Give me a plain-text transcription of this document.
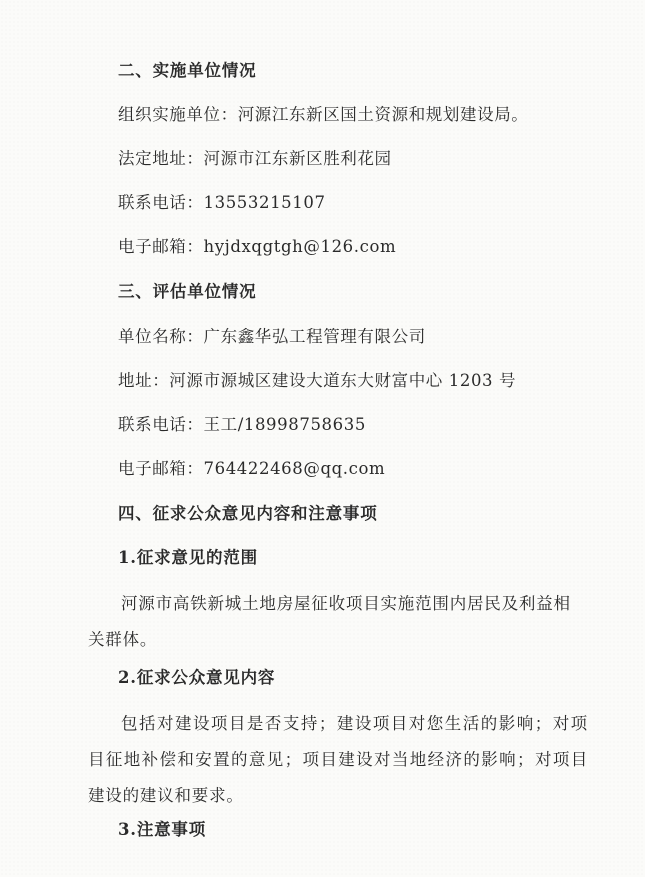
二、实施单位情况
组织实施单位：河源江东新区国土资源和规划建设局。
法定地址：河源市江东新区胜利花园
联系电话：13553215107
电子邮箱：hyjdxqgtgh@126.com
三、评估单位情况
单位名称：广东鑫华弘工程管理有限公司
地址：河源市源城区建设大道东大财富中心 1203 号
联系电话：王工/18998758635
电子邮箱：764422468@qq.com
四、征求公众意见内容和注意事项
1.征求意见的范围

河源市高铁新城土地房屋征收项目实施范围内居民及利益相关群体。

2.征求公众意见内容

包括对建设项目是否支持；建设项目对您生活的影响；对项目征地补偿和安置的意见；项目建设对当地经济的影响；对项目建设的建议和要求。

3.注意事项
